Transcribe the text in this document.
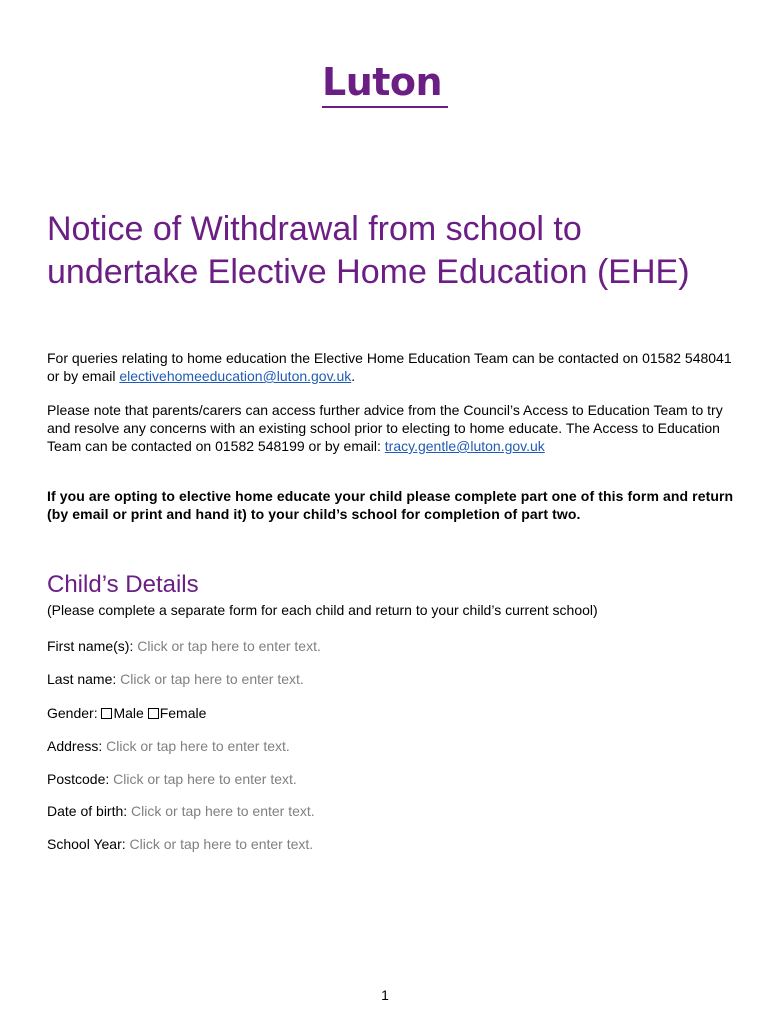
Luton
Notice of Withdrawal from school to undertake Elective Home Education (EHE)

For queries relating to home education the Elective Home Education Team can be contacted on 01582 548041 or by email electivehomeeducation@luton.gov.uk.

Please note that parents/carers can access further advice from the Council’s Access to Education Team to try and resolve any concerns with an existing school prior to electing to home educate. The Access to Education Team can be contacted on 01582 548199 or by email: tracy.gentle@luton.gov.uk

If you are opting to elective home educate your child please complete part one of this form and return (by email or print and hand it) to your child’s school for completion of part two.

Child’s Details

(Please complete a separate form for each child and return to your child’s current school)

First name(s): Click or tap here to enter text.
Last name: Click or tap here to enter text.
Gender: Male Female
Address: Click or tap here to enter text.
Postcode: Click or tap here to enter text.
Date of birth: Click or tap here to enter text.
School Year: Click or tap here to enter text.
1
